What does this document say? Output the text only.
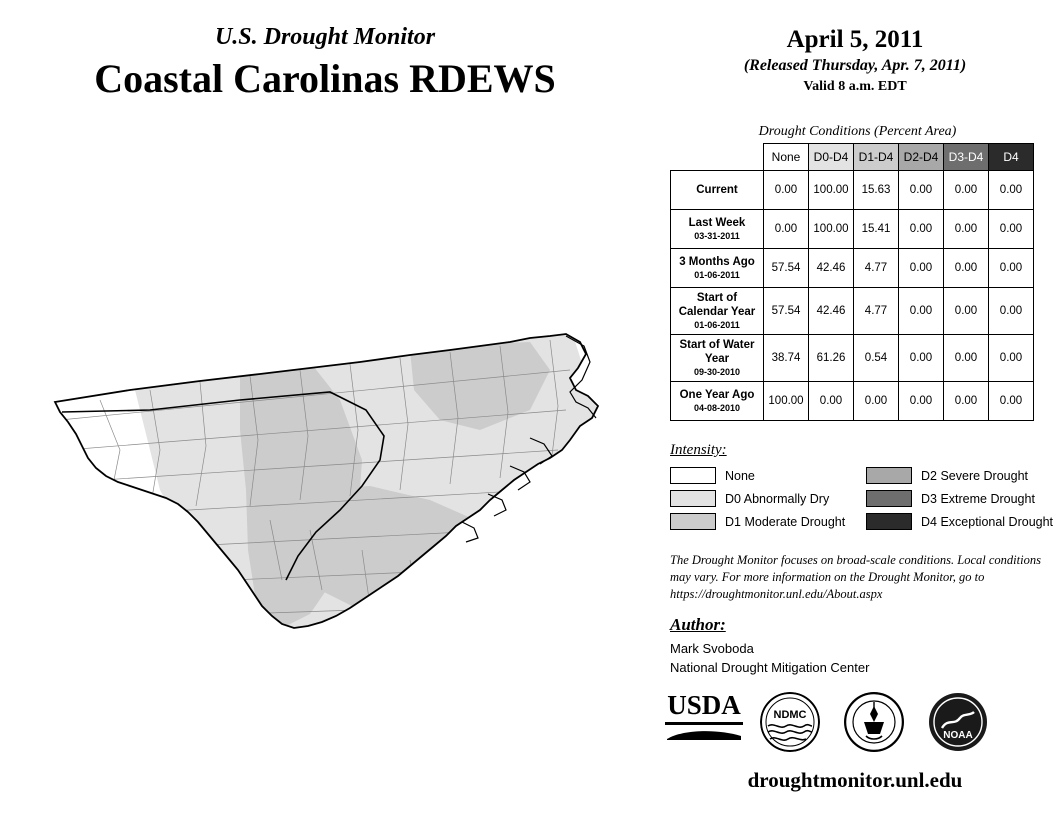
U.S. Drought Monitor
Coastal Carolinas RDEWS
April 5, 2011
(Released Thursday, Apr. 7, 2011)
Valid 8 a.m. EDT
Drought Conditions (Percent Area)
	None	D0-D4	D1-D4	D2-D4	D3-D4	D4
Current	0.00	100.00	15.63	0.00	0.00	0.00
Last Week
03-31-2011	0.00	100.00	15.41	0.00	0.00	0.00
3 Months Ago
01-06-2011	57.54	42.46	4.77	0.00	0.00	0.00
Start of Calendar Year
01-06-2011	57.54	42.46	4.77	0.00	0.00	0.00
Start of Water Year
09-30-2010	38.74	61.26	0.54	0.00	0.00	0.00
One Year Ago
04-08-2010	100.00	0.00	0.00	0.00	0.00	0.00
Intensity:
None
D0 Abnormally Dry
D1 Moderate Drought
D2 Severe Drought
D3 Extreme Drought
D4 Exceptional Drought
The Drought Monitor focuses on broad-scale conditions. Local conditions may vary. For more information on the Drought Monitor, go to https://droughtmonitor.unl.edu/About.aspx
Author:
Mark Svoboda
National Drought Mitigation Center
USDA	NDMC
NOAA
droughtmonitor.unl.edu
